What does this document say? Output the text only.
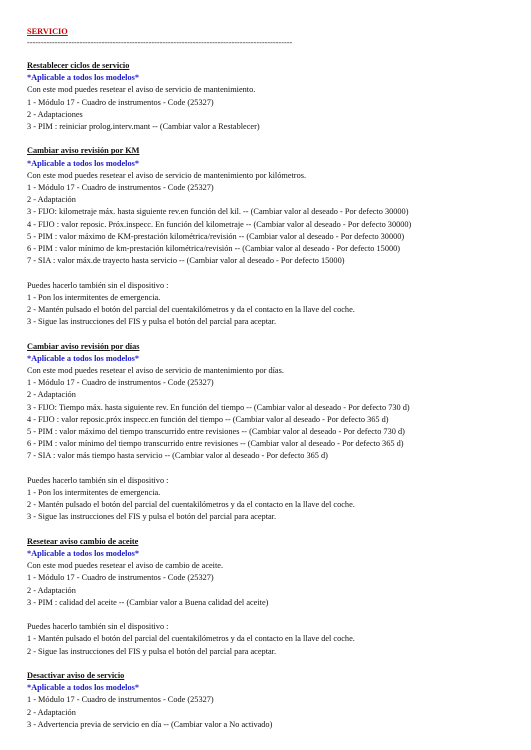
SERVICIO
------------------------------------------------------------------------------------------------
Restablecer ciclos de servicio
*Aplicable a todos los modelos*
Con este mod puedes resetear el aviso de servicio de mantenimiento.
1 - Módulo 17 - Cuadro de instrumentos - Code (25327)
2 - Adaptaciones
3 - PIM : reiniciar prolog.interv.mant -- (Cambiar valor a Restablecer)
Cambiar aviso revisión por KM
*Aplicable a todos los modelos*
Con este mod puedes resetear el aviso de servicio de mantenimiento por kilómetros.
1 - Módulo 17 - Cuadro de instrumentos - Code (25327)
2 - Adaptación
3 - FIJO: kilometraje máx. hasta siguiente rev.en función del kil. -- (Cambiar valor al deseado - Por defecto 30000)
4 - FIJO : valor reposic. Próx.inspecc. En función del kilometraje -- (Cambiar valor al deseado - Por defecto 30000)
5 - PIM : valor máximo de KM-prestación kilométrica/revisión -- (Cambiar valor al deseado - Por defecto 30000)
6 - PIM : valor mínimo de km-prestación kilométrica/revisión -- (Cambiar valor al deseado - Por defecto 15000)
7 - SIA : valor máx.de trayecto hasta servicio -- (Cambiar valor al deseado - Por defecto 15000)
Puedes hacerlo también sin el dispositivo :
1 - Pon los intermitentes de emergencia.
2 - Mantén pulsado el botón del parcial del cuentakilómetros y da el contacto en la llave del coche.
3 - Sigue las instrucciones del FIS y pulsa el botón del parcial para aceptar.
Cambiar aviso revisión por días
*Aplicable a todos los modelos*
Con este mod puedes resetear el aviso de servicio de mantenimiento por días.
1 - Módulo 17 - Cuadro de instrumentos - Code (25327)
2 - Adaptación
3 - FIJO: Tiempo máx. hasta siguiente rev. En función del tiempo -- (Cambiar valor al deseado - Por defecto 730 d)
4 - FIJO : valor reposic.próx inspecc.en función del tiempo -- (Cambiar valor al deseado - Por defecto 365 d)
5 - PIM : valor máximo del tiempo transcurrido entre revisiones -- (Cambiar valor al deseado - Por defecto 730 d)
6 - PIM : valor mínimo del tiempo transcurrido entre revisiones -- (Cambiar valor al deseado - Por defecto 365 d)
7 - SIA : valor más tiempo hasta servicio -- (Cambiar valor al deseado - Por defecto 365 d)
Puedes hacerlo también sin el dispositivo :
1 - Pon los intermitentes de emergencia.
2 - Mantén pulsado el botón del parcial del cuentakilómetros y da el contacto en la llave del coche.
3 - Sigue las instrucciones del FIS y pulsa el botón del parcial para aceptar.
Resetear aviso cambio de aceite
*Aplicable a todos los modelos*
Con este mod puedes resetear el aviso de cambio de aceite.
1 - Módulo 17 - Cuadro de instrumentos - Code (25327)
2 - Adaptación
3 - PIM : calidad del aceite -- (Cambiar valor a Buena calidad del aceite)
Puedes hacerlo también sin el dispositivo :
1 - Mantén pulsado el botón del parcial del cuentakilómetros y da el contacto en la llave del coche.
2 - Sigue las instrucciones del FIS y pulsa el botón del parcial para aceptar.
Desactivar aviso de servicio
*Aplicable a todos los modelos*
1 - Módulo 17 - Cuadro de instrumentos - Code (25327)
2 - Adaptación
3 - Advertencia previa de servicio en día -- (Cambiar valor a No activado)
